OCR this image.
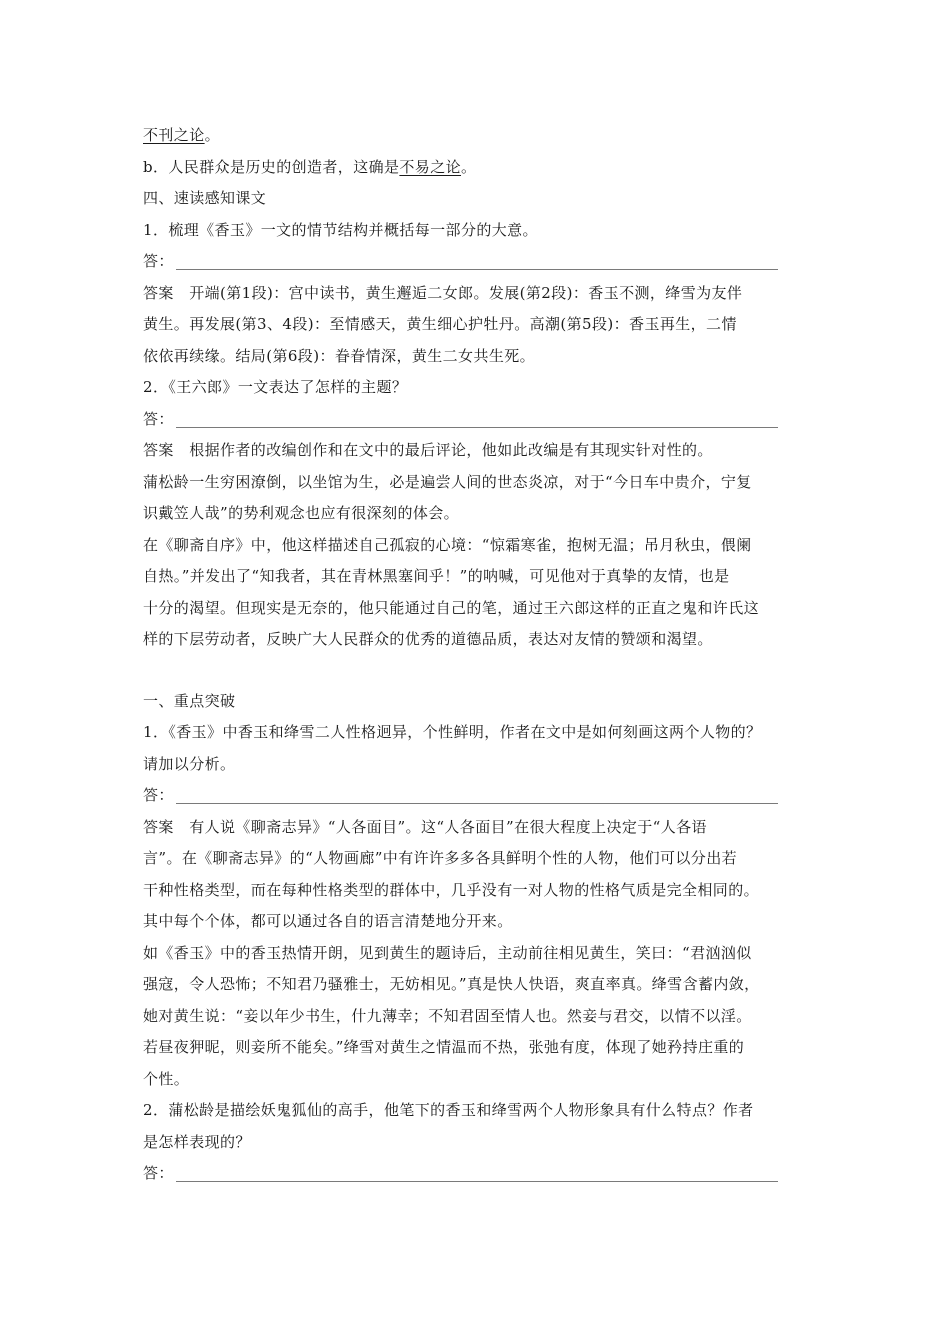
不刊之论。
b．人民群众是历史的创造者，这确是不易之论。
四、速读感知课文
1．梳理《香玉》一文的情节结构并概括每一部分的大意。
答：
答案　开端(第1段)：宫中读书，黄生邂逅二女郎。发展(第2段)：香玉不测，绛雪为友伴
黄生。再发展(第3、4段)：至情感天，黄生细心护牡丹。高潮(第5段)：香玉再生，二情
依依再续缘。结局(第6段)：眷眷情深，黄生二女共生死。
2．《王六郎》一文表达了怎样的主题？
答：
答案　根据作者的改编创作和在文中的最后评论，他如此改编是有其现实针对性的。
蒲松龄一生穷困潦倒，以坐馆为生，必是遍尝人间的世态炎凉，对于“今日车中贵介，宁复
识戴笠人哉”的势利观念也应有很深刻的体会。
在《聊斋自序》中，他这样描述自己孤寂的心境：“惊霜寒雀，抱树无温；吊月秋虫，偎阑
自热。”并发出了“知我者，其在青林黑塞间乎！”的呐喊，可见他对于真挚的友情，也是
十分的渴望。但现实是无奈的，他只能通过自己的笔，通过王六郎这样的正直之鬼和许氏这
样的下层劳动者，反映广大人民群众的优秀的道德品质，表达对友情的赞颂和渴望。
一、重点突破
1．《香玉》中香玉和绛雪二人性格迥异，个性鲜明，作者在文中是如何刻画这两个人物的？
请加以分析。
答：
答案　有人说《聊斋志异》“人各面目”。这“人各面目”在很大程度上决定于“人各语
言”。在《聊斋志异》的“人物画廊”中有许许多多各具鲜明个性的人物，他们可以分出若
干种性格类型，而在每种性格类型的群体中，几乎没有一对人物的性格气质是完全相同的。
其中每个个体，都可以通过各自的语言清楚地分开来。
如《香玉》中的香玉热情开朗，见到黄生的题诗后，主动前往相见黄生，笑曰：“君汹汹似
强寇，令人恐怖；不知君乃骚雅士，无妨相见。”真是快人快语，爽直率真。绛雪含蓄内敛，
她对黄生说：“妾以年少书生，什九薄幸；不知君固至情人也。然妾与君交，以情不以淫。
若昼夜狎昵，则妾所不能矣。”绛雪对黄生之情温而不热，张弛有度，体现了她矜持庄重的
个性。
2．蒲松龄是描绘妖鬼狐仙的高手，他笔下的香玉和绛雪两个人物形象具有什么特点？作者
是怎样表现的？
答：
